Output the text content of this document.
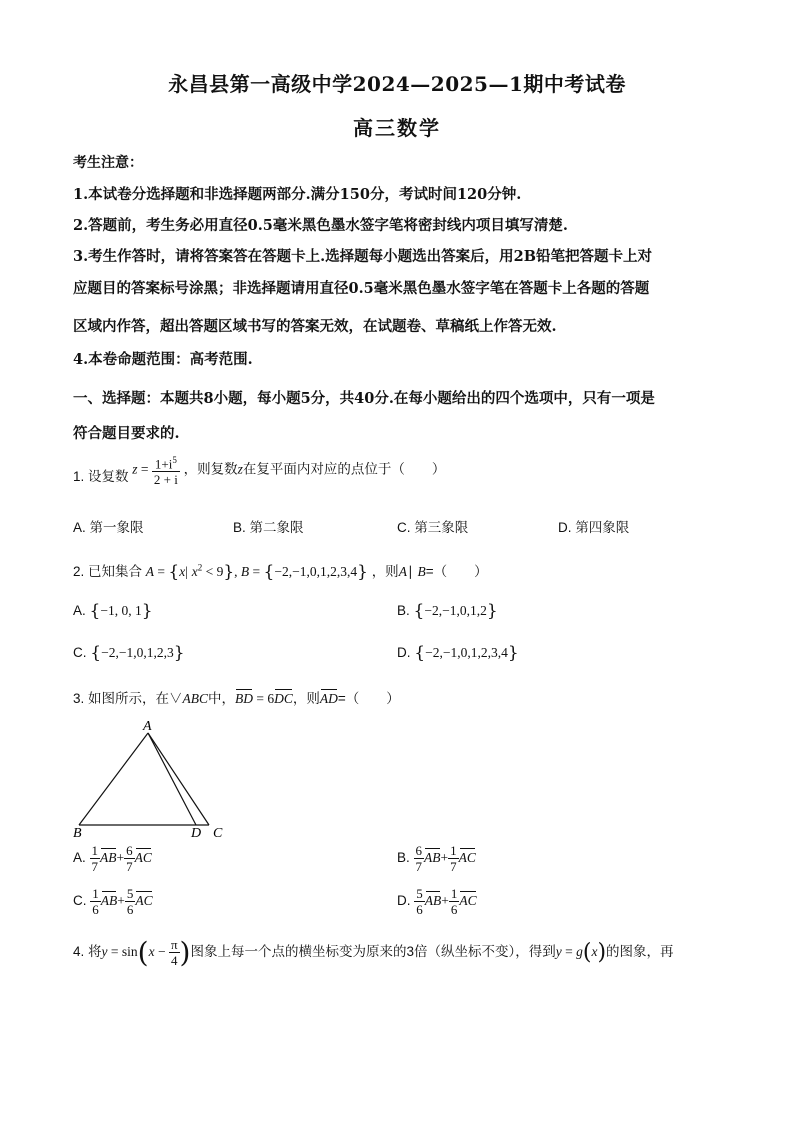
永昌县第一高级中学2024—2025—1期中考试卷
高三数学
考生注意：
1.本试卷分选择题和非选择题两部分.满分150分，考试时间120分钟.
2.答题前，考生务必用直径0.5毫米黑色墨水签字笔将密封线内项目填写清楚.
3.考生作答时，请将答案答在答题卡上.选择题每小题选出答案后，用2B铅笔把答题卡上对
应题目的答案标号涂黑；非选择题请用直径0.5毫米黑色墨水签字笔在答题卡上各题的答题
区域内作答，超出答题区域书写的答案无效，在试题卷、草稿纸上作答无效.
4.本卷命题范围：高考范围.
一、选择题：本题共8小题，每小题5分，共40分.在每小题给出的四个选项中，只有一项是
符合题目要求的.
1. 设复数 $z = \frac{1+i^5}{2 + i}$ ，则复数z在复平面内对应的点位于（　　）
A. 第一象限	B. 第二象限	C. 第三象限	D. 第四象限
2. 已知集合 A = {x| $x^2 < 9$}, B = {−2,−1,0,1,2,3,4} ，则A∣ B=（　　）
A. {−1, 0, 1}	B. {−2,−1,0,1,2}
C. {−2,−1,0,1,2,3}	D. {−2,−1,0,1,2,3,4}
3. 如图所示，在∨ABC中，BD = 6DC，则AD=（　　）
A
B	D C
A. $\frac{1}{7} AB+ \frac{6}{7}$ AC	B. $\frac{6}{7} AB+ \frac{1}{7}$ AC
C. $\frac{1}{6} AB+ \frac{5}{6}$ AC	D. $\frac{5}{6} AB+ \frac{1}{6}$ AC
4. 将$y = \sin(x - \frac{\pi}{4}$ )图象上每一个点的横坐标变为原来的3倍（纵坐标不变），得到y = g(x)的图象，再
